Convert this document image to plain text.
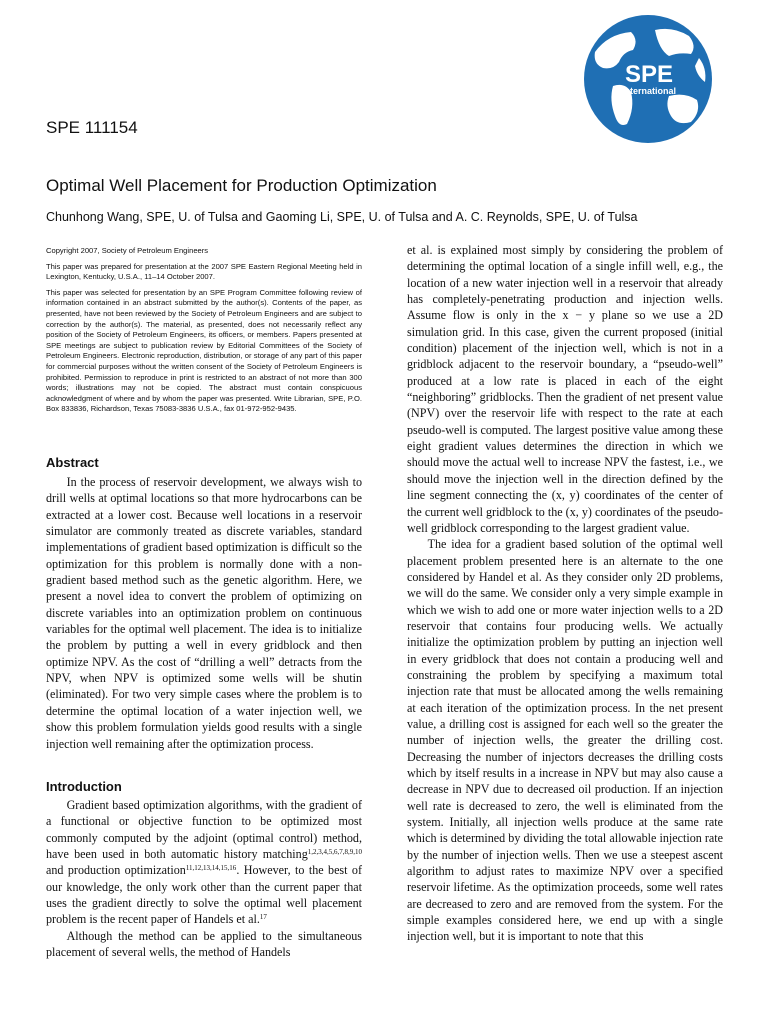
SPE
International
SPE 111154
Optimal Well Placement for Production Optimization
Chunhong Wang, SPE, U. of Tulsa and Gaoming Li, SPE, U. of Tulsa and A. C. Reynolds, SPE, U. of Tulsa

Copyright 2007, Society of Petroleum Engineers

This paper was prepared for presentation at the 2007 SPE Eastern Regional Meeting held in Lexington, Kentucky, U.S.A., 11–14 October 2007.

This paper was selected for presentation by an SPE Program Committee following review of information contained in an abstract submitted by the author(s). Contents of the paper, as presented, have not been reviewed by the Society of Petroleum Engineers and are subject to correction by the author(s). The material, as presented, does not necessarily reflect any position of the Society of Petroleum Engineers, its officers, or members. Papers presented at SPE meetings are subject to publication review by Editorial Committees of the Society of Petroleum Engineers. Electronic reproduction, distribution, or storage of any part of this paper for commercial purposes without the written consent of the Society of Petroleum Engineers is prohibited. Permission to reproduce in print is restricted to an abstract of not more than 300 words; illustrations may not be copied. The abstract must contain conspicuous acknowledgment of where and by whom the paper was presented. Write Librarian, SPE, P.O. Box 833836, Richardson, Texas 75083-3836 U.S.A., fax 01-972-952-9435.

Abstract

In the process of reservoir development, we always wish to drill wells at optimal locations so that more hydrocarbons can be extracted at a lower cost. Because well locations in a reservoir simulator are commonly treated as discrete variables, standard implementations of gradient based optimization is difficult so the optimization for this problem is normally done with a non-gradient based method such as the genetic algorithm. Here, we present a novel idea to convert the problem of optimizing on discrete variables into an optimization problem on continuous variables for the optimal well placement. The idea is to initialize the problem by putting a well in every gridblock and then optimize NPV. As the cost of “drilling a well” detracts from the NPV, when NPV is optimized some wells will be shutin (eliminated). For two very simple cases where the problem is to determine the optimal location of a water injection well, we show this problem formulation yields good results with a single injection well remaining after the optimization process.

Introduction

Gradient based optimization algorithms, with the gradient of a functional or objective function to be optimized most commonly computed by the adjoint (optimal control) method, have been used in both automatic history matching$^{1,2,3,4,5,6,7,8,9,10}$ and production optimization$^{11,12,13,14,15,16}$. However, to the best of our knowledge, the only work other than the current paper that uses the gradient directly to solve the optimal well placement problem is the recent paper of Handels et al.$^{17}$

Although the method can be applied to the simultaneous placement of several wells, the method of Handels

et al. is explained most simply by considering the problem of determining the optimal location of a single infill well, e.g., the location of a new water injection well in a reservoir that already has completely-penetrating production and injection wells. Assume flow is only in the x − y plane so we use a 2D simulation grid. In this case, given the current proposed (initial condition) placement of the injection well, which is not in a gridblock adjacent to the reservoir boundary, a “pseudo-well” produced at a low rate is placed in each of the eight “neighboring” gridblocks. Then the gradient of net present value (NPV) over the reservoir life with respect to the rate at each pseudo-well is computed. The largest positive value among these eight gradient values determines the direction in which we should move the actual well to increase NPV the fastest, i.e., we should move the injection well in the direction defined by the line segment connecting the (x, y) coordinates of the center of the current well gridblock to the (x, y) coordinates of the pseudo-well gridblock corresponding to the largest gradient value.

The idea for a gradient based solution of the optimal well placement problem presented here is an alternate to the one considered by Handel et al. As they consider only 2D problems, we will do the same. We consider only a very simple example in which we wish to add one or more water injection wells to a 2D reservoir that contains four producing wells. We actually initialize the optimization problem by putting an injection well in every gridblock that does not contain a producing well and constraining the problem by specifying a maximum total injection rate that must be allocated among the wells remaining at each iteration of the optimization process. In the net present value, a drilling cost is assigned for each well so the greater the number of injection wells, the greater the drilling cost. Decreasing the number of injectors decreases the drilling costs which by itself results in a increase in NPV but may also cause a decrease in NPV due to decreased oil production. If an injection well rate is decreased to zero, the well is eliminated from the system. Initially, all injection wells produce at the same rate which is determined by dividing the total allowable injection rate by the number of injection wells. Then we use a steepest ascent algorithm to adjust rates to maximize NPV over a specified reservoir lifetime. As the optimization proceeds, some well rates are decreased to zero and are removed from the system. For the simple examples considered here, we end up with a single injection well, but it is important to note that this
